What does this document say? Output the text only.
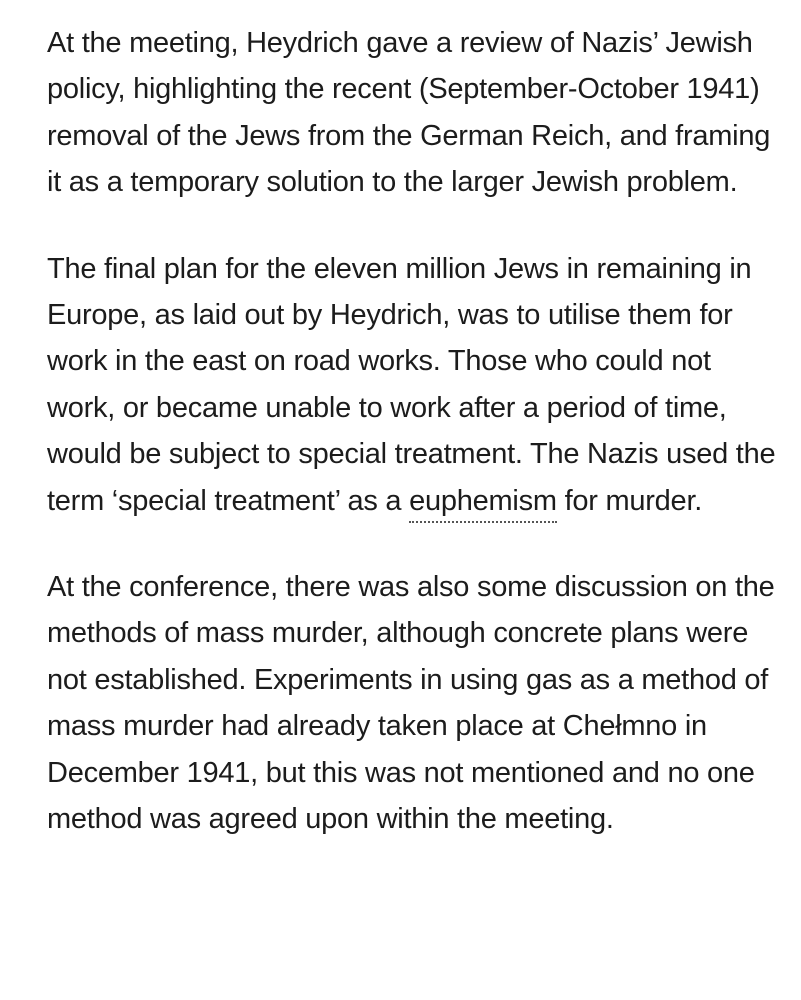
At the meeting, Heydrich gave a review of Nazis’ Jewish policy, highlighting the recent (September-October 1941) removal of the Jews from the German Reich, and framing it as a temporary solution to the larger Jewish problem.

The final plan for the eleven million Jews in remaining in Europe, as laid out by Heydrich, was to utilise them for work in the east on road works. Those who could not work, or became unable to work after a period of time, would be subject to special treatment. The Nazis used the term ‘special treatment’ as a euphemism for murder.

At the conference, there was also some discussion on the methods of mass murder, although concrete plans were not established. Experiments in using gas as a method of mass murder had already taken place at Chełmno in December 1941, but this was not mentioned and no one method was agreed upon within the meeting.
